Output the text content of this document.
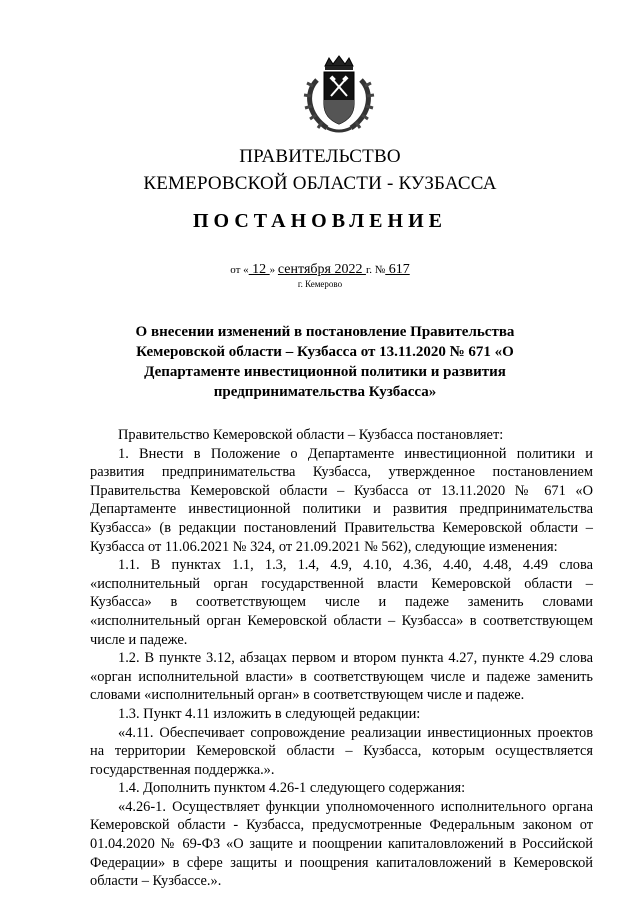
ПРАВИТЕЛЬСТВО
КЕМЕРОВСКОЙ ОБЛАСТИ - КУЗБАССА
ПОСТАНОВЛЕНИЕ
от « 12 » сентября 2022 г. № 617
г. Кемерово
О внесении изменений в постановление Правительства Кемеровской области – Кузбасса от 13.11.2020 № 671 «О Департаменте инвестиционной политики и развития предпринимательства Кузбасса»

Правительство Кемеровской области – Кузбасса постановляет:

1. Внести в Положение о Департаменте инвестиционной политики и развития предпринимательства Кузбасса, утвержденное постановлением Правительства Кемеровской области – Кузбасса от 13.11.2020 № 671 «О Департаменте инвестиционной политики и развития предпринимательства Кузбасса» (в редакции постановлений Правительства Кемеровской области – Кузбасса от 11.06.2021 № 324, от 21.09.2021 № 562), следующие изменения:

1.1. В пунктах 1.1, 1.3, 1.4, 4.9, 4.10, 4.36, 4.40, 4.48, 4.49 слова «исполнительный орган государственной власти Кемеровской области – Кузбасса» в соответствующем числе и падеже заменить словами «исполнительный орган Кемеровской области – Кузбасса» в соответствующем числе и падеже.

1.2. В пункте 3.12, абзацах первом и втором пункта 4.27, пункте 4.29 слова «орган исполнительной власти» в соответствующем числе и падеже заменить словами «исполнительный орган» в соответствующем числе и падеже.

1.3. Пункт 4.11 изложить в следующей редакции:

«4.11. Обеспечивает сопровождение реализации инвестиционных проектов на территории Кемеровской области – Кузбасса, которым осуществляется государственная поддержка.».

1.4. Дополнить пунктом 4.26-1 следующего содержания:

«4.26-1. Осуществляет функции уполномоченного исполнительного органа Кемеровской области - Кузбасса, предусмотренные Федеральным законом от 01.04.2020 № 69-ФЗ «О защите и поощрении капиталовложений в Российской Федерации» в сфере защиты и поощрения капиталовложений в Кемеровской области – Кузбассе.».
